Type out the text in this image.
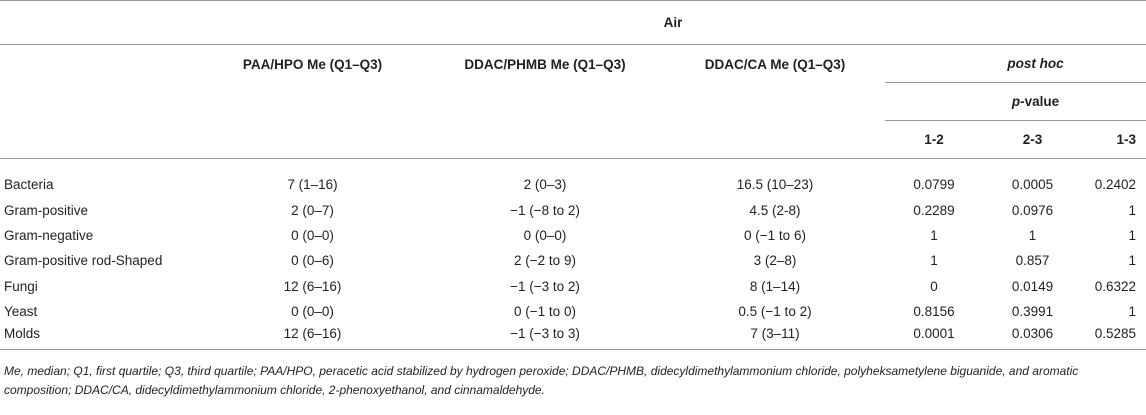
	Air					
	PAA/HPO Me (Q1–Q3)	DDAC/PHMB Me (Q1–Q3)	DDAC/CA Me (Q1–Q3)	post hoc		
				p-value		
				1-2	2-3	1-3
Bacteria	7 (1–16)	2 (0–3)	16.5 (10–23)	0.0799	0.0005	0.2402
Gram-positive	2 (0–7)	−1 (−8 to 2)	4.5 (2-8)	0.2289	0.0976	1
Gram-negative	0 (0–0)	0 (0–0)	0 (−1 to 6)	1	1	1
Gram-positive rod-Shaped	0 (0–6)	2 (−2 to 9)	3 (2–8)	1	0.857	1
Fungi	12 (6–16)	−1 (−3 to 2)	8 (1–14)	0	0.0149	0.6322
Yeast	0 (0–0)	0 (−1 to 0)	0.5 (−1 to 2)	0.8156	0.3991	1
Molds	12 (6–16)	−1 (−3 to 3)	7 (3–11)	0.0001	0.0306	0.5285
Me, median; Q1, first quartile; Q3, third quartile; PAA/HPO, peracetic acid stabilized by hydrogen peroxide; DDAC/PHMB, didecyldimethylammonium chloride, polyheksametylene biguanide, and aromatic composition; DDAC/CA, didecyldimethylammonium chloride, 2-phenoxyethanol, and cinnamaldehyde.
